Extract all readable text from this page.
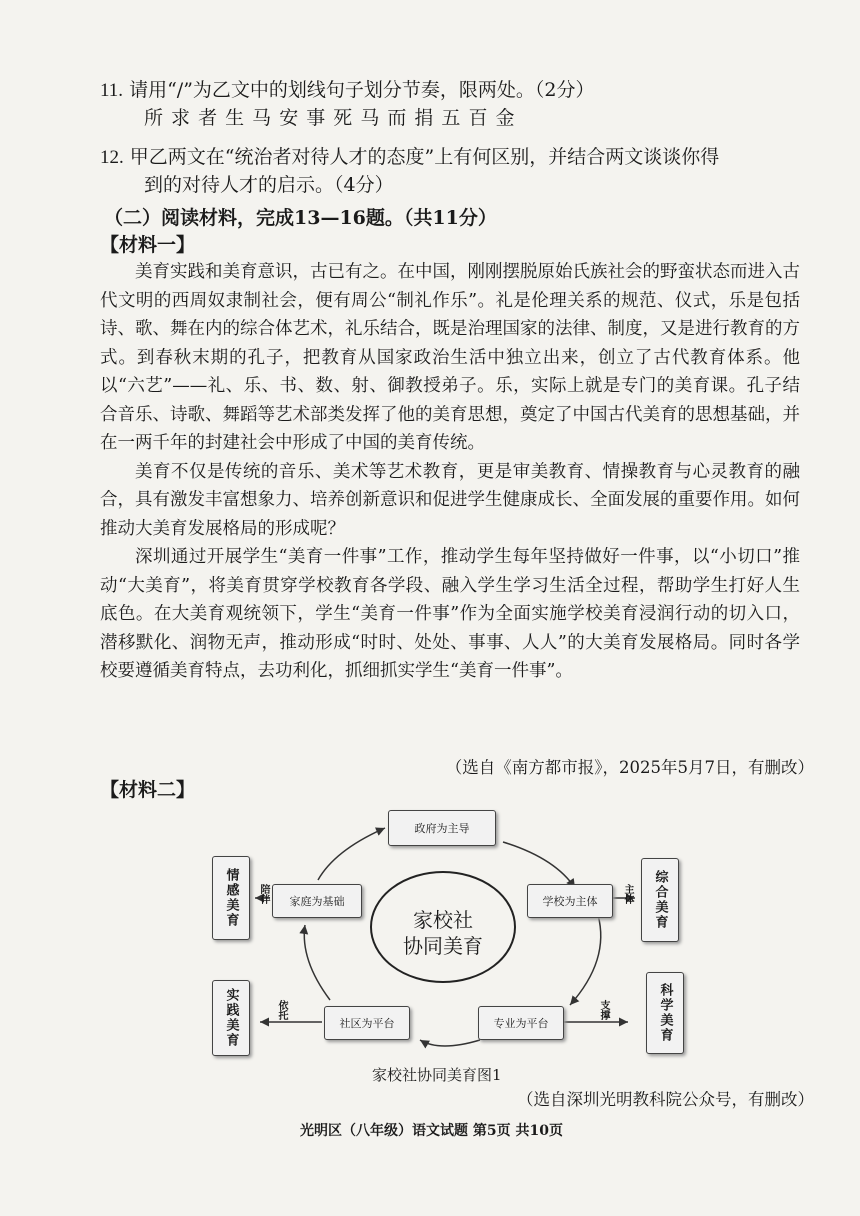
11. 请用“/”为乙文中的划线句子划分节奏，限两处。（2分）
所 求 者 生 马 安 事 死 马 而 捐 五 百 金
12. 甲乙两文在“统治者对待人才的态度”上有何区别，并结合两文谈谈你得
到的对待人才的启示。（4分）
（二）阅读材料，完成13—16题。（共11分）
【材料一】

美育实践和美育意识，古已有之。在中国，刚刚摆脱原始氏族社会的野蛮状态而进入古代文明的西周奴隶制社会，便有周公“制礼作乐”。礼是伦理关系的规范、仪式，乐是包括诗、歌、舞在内的综合体艺术，礼乐结合，既是治理国家的法律、制度，又是进行教育的方式。到春秋末期的孔子，把教育从国家政治生活中独立出来，创立了古代教育体系。他以“六艺”——礼、乐、书、数、射、御教授弟子。乐，实际上就是专门的美育课。孔子结合音乐、诗歌、舞蹈等艺术部类发挥了他的美育思想，奠定了中国古代美育的思想基础，并在一两千年的封建社会中形成了中国的美育传统。

美育不仅是传统的音乐、美术等艺术教育，更是审美教育、情操教育与心灵教育的融合，具有激发丰富想象力、培养创新意识和促进学生健康成长、全面发展的重要作用。如何推动大美育发展格局的形成呢？

深圳通过开展学生“美育一件事”工作，推动学生每年坚持做好一件事，以“小切口”推动“大美育”，将美育贯穿学校教育各学段、融入学生学习生活全过程，帮助学生打好人生底色。在大美育观统领下，学生“美育一件事”作为全面实施学校美育浸润行动的切入口，潜移默化、润物无声，推动形成“时时、处处、事事、人人”的大美育发展格局。同时各学校要遵循美育特点，去功利化，抓细抓实学生“美育一件事”。

（选自《南方都市报》，2025年5月7日，有删改）
【材料二】
家校社
协同美育
政府为主导
学校为主体
家庭为基础
社区为平台	专业为平台
情感美育	综合美育
实践美育	科学美育
陪伴	主体
依托	支撑
家校社协同美育图1
（选自深圳光明教科院公众号，有删改）
光明区（八年级）语文试题 第5页 共10页
